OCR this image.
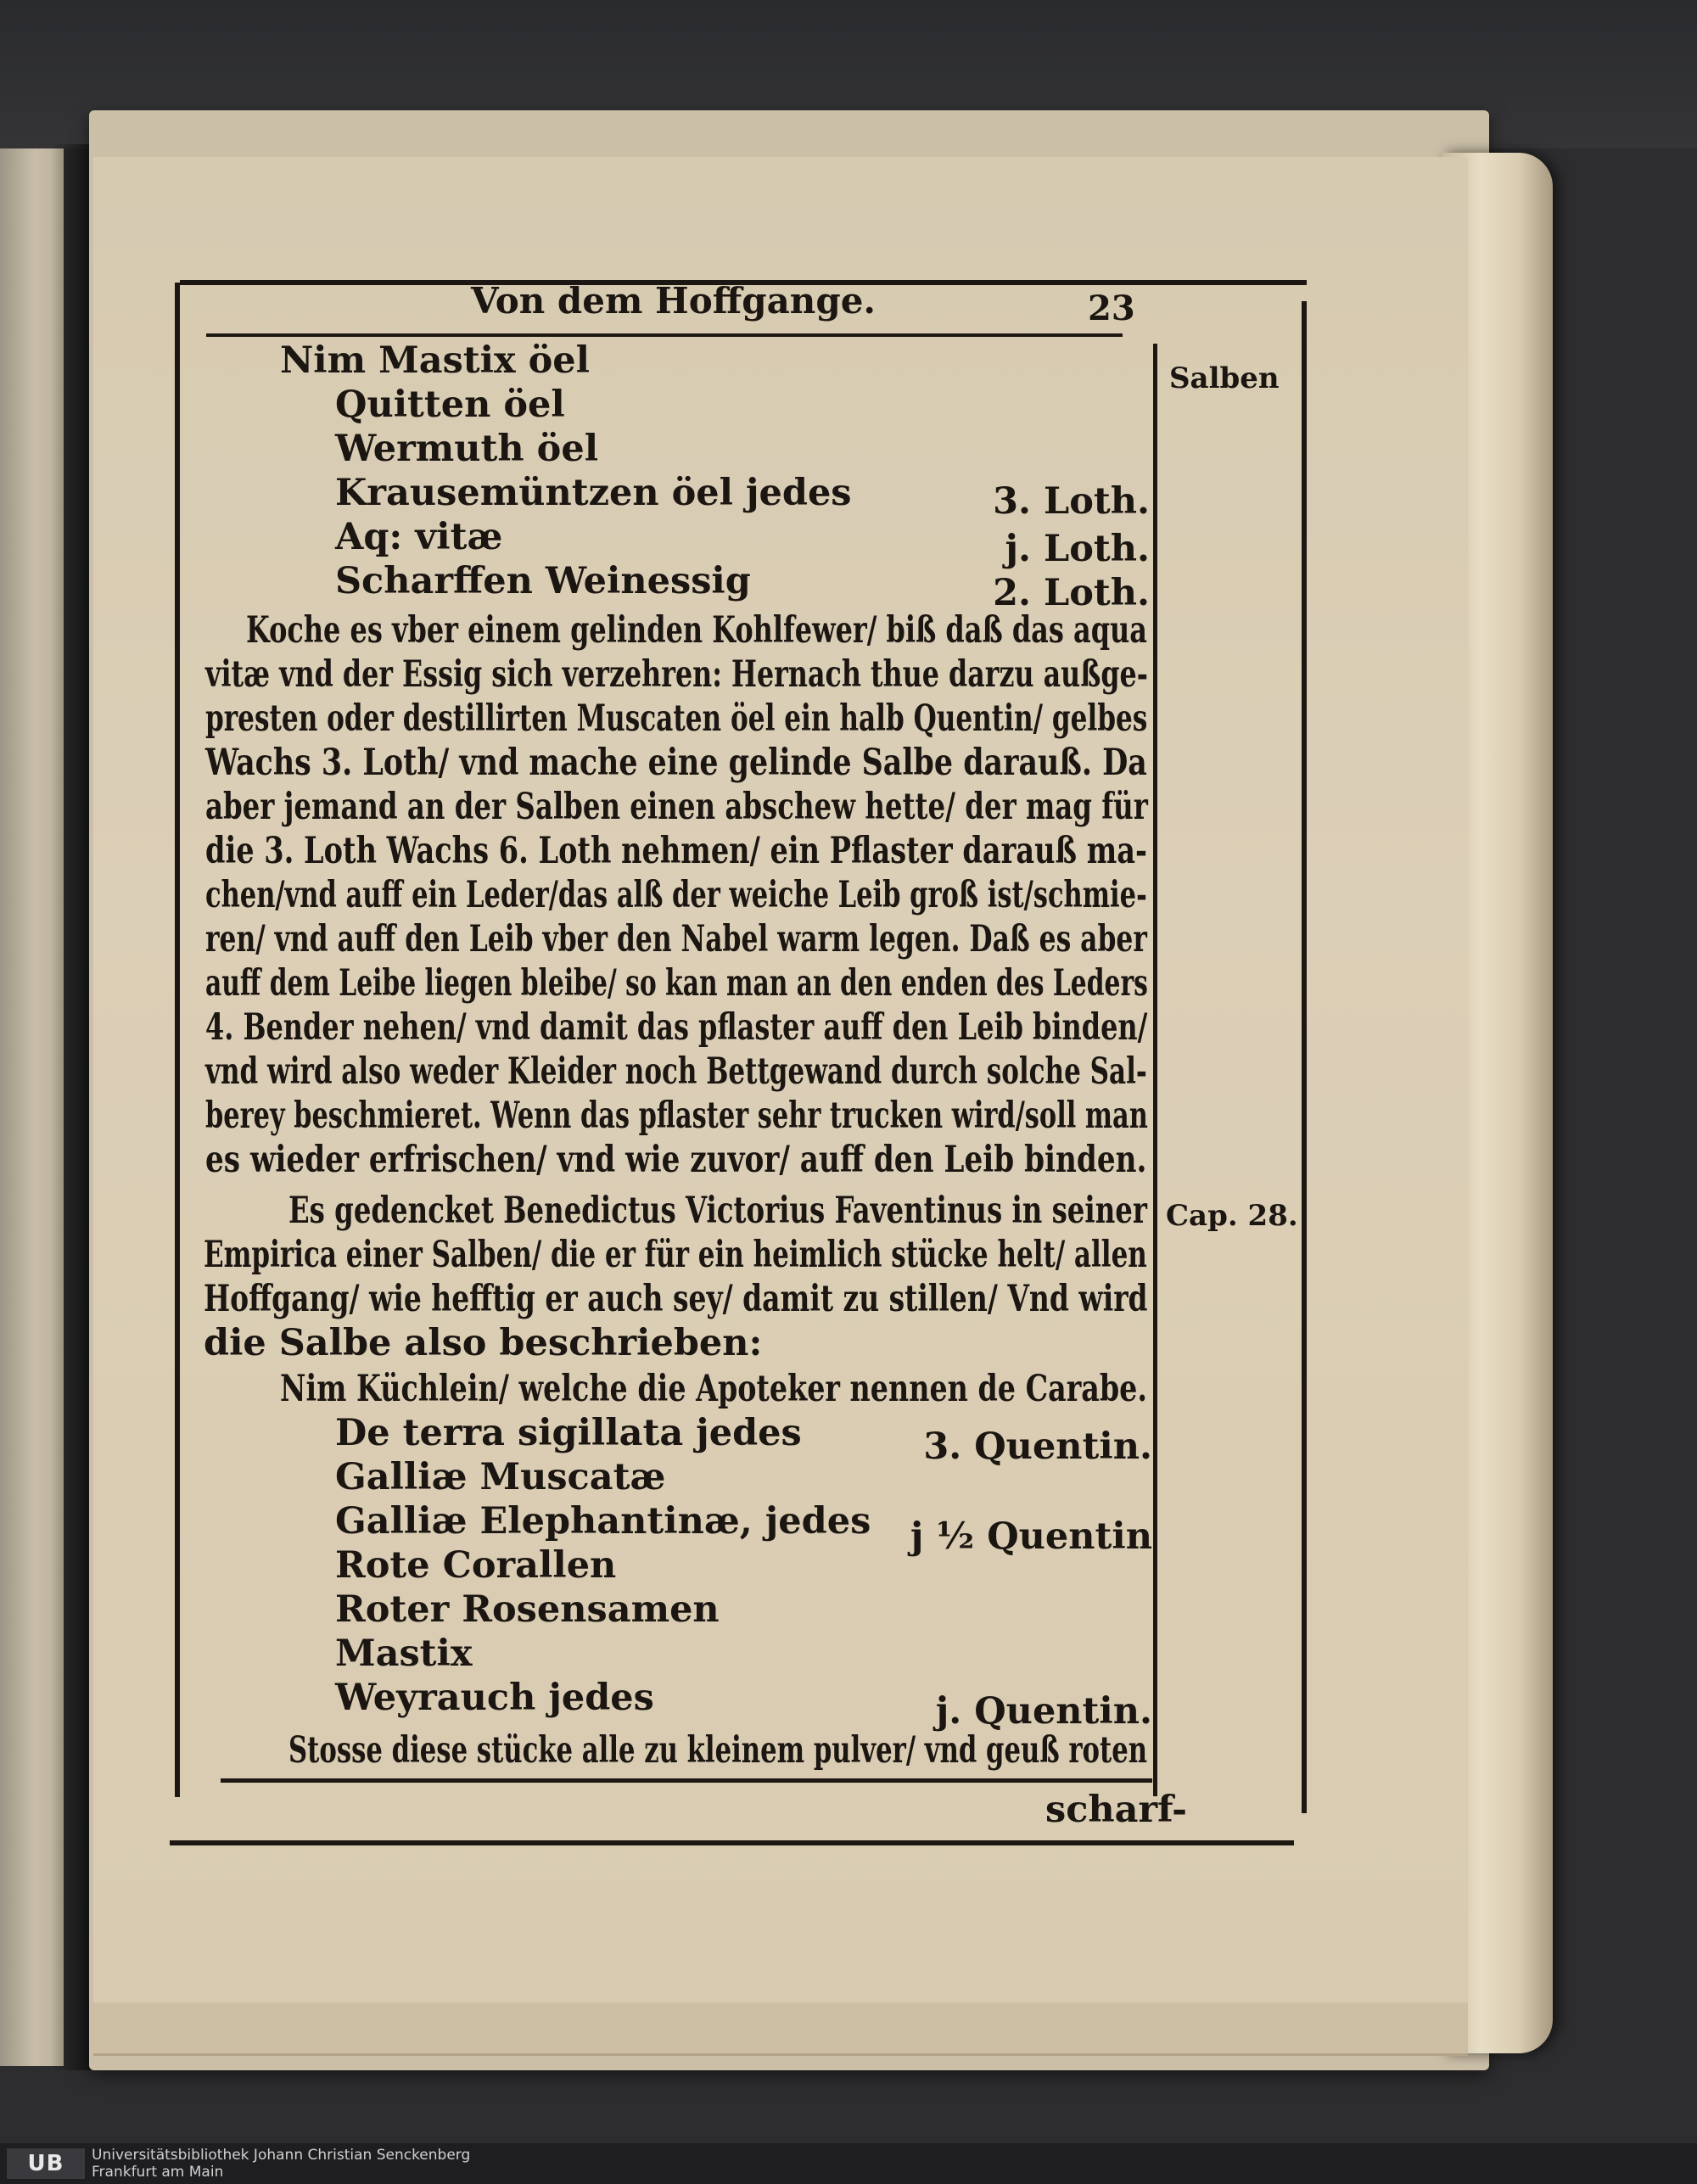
Von dem Hoffgange.	23
Salben
Cap. 28.
Nim Mastix öel
Quitten öel
Wermuth öel
Krausemüntzen öel jedes	3. Loth.
Aq: vitæ	j. Loth.
Scharffen Weinessig	2. Loth.
Koche es vber einem gelinden Kohlfewer/ biß daß das aqua
vitæ vnd der Essig sich verzehren: Hernach thue darzu außge-
presten oder destillirten Muscaten öel ein halb Quentin/ gelbes
Wachs 3. Loth/ vnd mache eine gelinde Salbe darauß. Da
aber jemand an der Salben einen abschew hette/ der mag für
die 3. Loth Wachs 6. Loth nehmen/ ein Pflaster darauß ma-
chen/vnd auff ein Leder/das alß der weiche Leib groß ist/schmie-
ren/ vnd auff den Leib vber den Nabel warm legen. Daß es aber
auff dem Leibe liegen bleibe/ so kan man an den enden des Leders
4. Bender nehen/ vnd damit das pflaster auff den Leib binden/
vnd wird also weder Kleider noch Bettgewand durch solche Sal-
berey beschmieret. Wenn das pflaster sehr trucken wird/soll man
es wieder erfrischen/ vnd wie zuvor/ auff den Leib binden.
Es gedencket Benedictus Victorius Faventinus in seiner
Empirica einer Salben/ die er für ein heimlich stücke helt/ allen
Hoffgang/ wie hefftig er auch sey/ damit zu stillen/ Vnd wird
die Salbe also beschrieben:
Nim Küchlein/ welche die Apoteker nennen de Carabe.
De terra sigillata jedes	3. Quentin.
Galliæ Muscatæ
Galliæ Elephantinæ, jedes j ½ Quentin
Rote Corallen
Roter Rosensamen
Mastix
Weyrauch jedes	j. Quentin.
Stosse diese stücke alle zu kleinem pulver/ vnd geuß roten
scharf-
UB	Universitätsbibliothek Johann Christian Senckenberg
Frankfurt am Main
